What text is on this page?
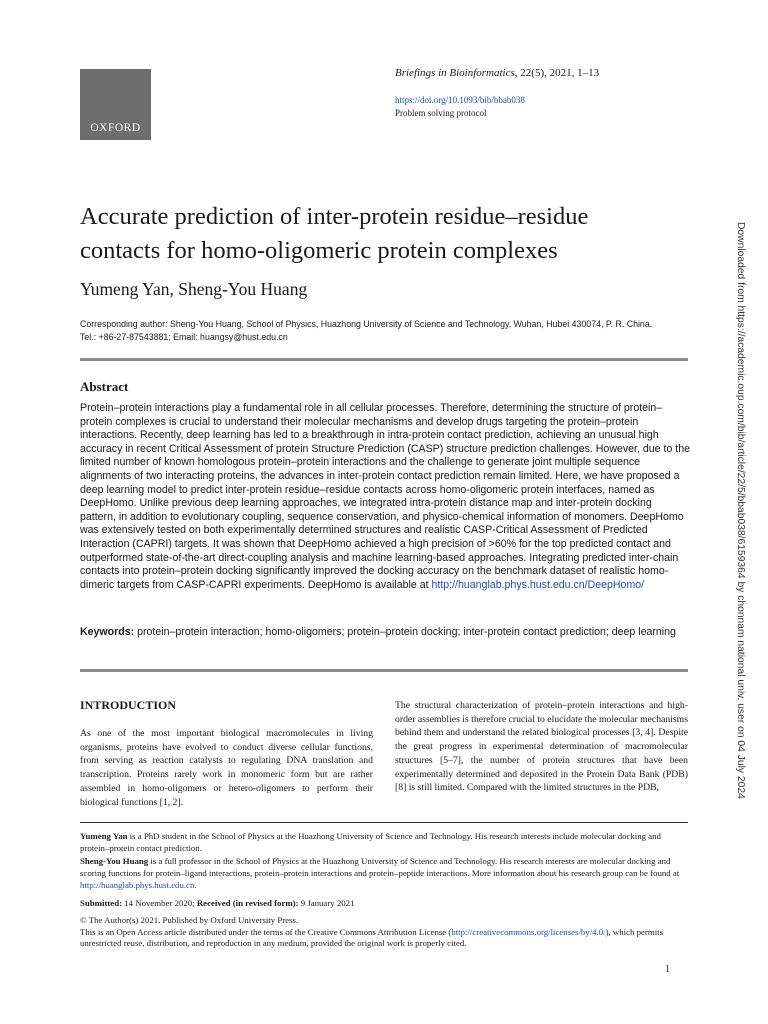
OXFORD
Briefings in Bioinformatics, 22(5), 2021, 1–13
https://doi.org/10.1093/bib/bbab038
Problem solving protocol
Accurate prediction of inter-protein residue–residue
contacts for homo-oligomeric protein complexes
Yumeng Yan, Sheng-You Huang
Corresponding author: Sheng-You Huang, School of Physics, Huazhong University of Science and Technology, Wuhan, Hubei 430074, P. R. China.
Tel.: +86-27-87543881; Email: huangsy@hust.edu.cn
Abstract
Protein–protein interactions play a fundamental role in all cellular processes. Therefore, determining the structure of protein–protein complexes is crucial to understand their molecular mechanisms and develop drugs targeting the protein–protein interactions. Recently, deep learning has led to a breakthrough in intra-protein contact prediction, achieving an unusual high accuracy in recent Critical Assessment of protein Structure Prediction (CASP) structure prediction challenges. However, due to the limited number of known homologous protein–protein interactions and the challenge to generate joint multiple sequence alignments of two interacting proteins, the advances in inter-protein contact prediction remain limited. Here, we have proposed a deep learning model to predict inter-protein residue–residue contacts across homo-oligomeric protein interfaces, named as DeepHomo. Unlike previous deep learning approaches, we integrated intra-protein distance map and inter-protein docking pattern, in addition to evolutionary coupling, sequence conservation, and physico-chemical information of monomers. DeepHomo was extensively tested on both experimentally determined structures and realistic CASP-Critical Assessment of Predicted Interaction (CAPRI) targets. It was shown that DeepHomo achieved a high precision of >60% for the top predicted contact and outperformed state-of-the-art direct-coupling analysis and machine learning-based approaches. Integrating predicted inter-chain contacts into protein–protein docking significantly improved the docking accuracy on the benchmark dataset of realistic homo-dimeric targets from CASP-CAPRI experiments. DeepHomo is available at http://huanglab.phys.hust.edu.cn/DeepHomo/
Keywords: protein–protein interaction; homo-oligomers; protein–protein docking; inter-protein contact prediction; deep learning
INTRODUCTION
As one of the most important biological macromolecules in living organisms, proteins have evolved to conduct diverse cellular functions, from serving as reaction catalysts to regulating DNA translation and transcription. Proteins rarely work in monomeric form but are rather assembled in homo-oligomers or hetero-oligomers to perform their biological functions [1, 2].
The structural characterization of protein–protein interactions and high-order assemblies is therefore crucial to elucidate the molecular mechanisms behind them and understand the related biological processes [3, 4]. Despite the great progress in experimental determination of macromolecular structures [5–7], the number of protein structures that have been experimentally determined and deposited in the Protein Data Bank (PDB) [8] is still limited. Compared with the limited structures in the PDB,
Yumeng Yan is a PhD student in the School of Physics at the Huazhong University of Science and Technology. His research interests include molecular docking and protein–protein contact prediction.
Sheng-You Huang is a full professor in the School of Physics at the Huazhong University of Science and Technology. His research interests are molecular docking and scoring functions for protein–ligand interactions, protein–protein interactions and protein–peptide interactions. More information about his research group can be found at http://huanglab.phys.hust.edu.cn.
Submitted: 14 November 2020; Received (in revised form): 9 January 2021
© The Author(s) 2021. Published by Oxford University Press.
This is an Open Access article distributed under the terms of the Creative Commons Attribution License (http://creativecommons.org/licenses/by/4.0/), which permits unrestricted reuse, distribution, and reproduction in any medium, provided the original work is properly cited.
1
Downloaded from https://academic.oup.com/bib/article/22/5/bbab038/6159364 by chonnam national univ. user on 04 July 2024
